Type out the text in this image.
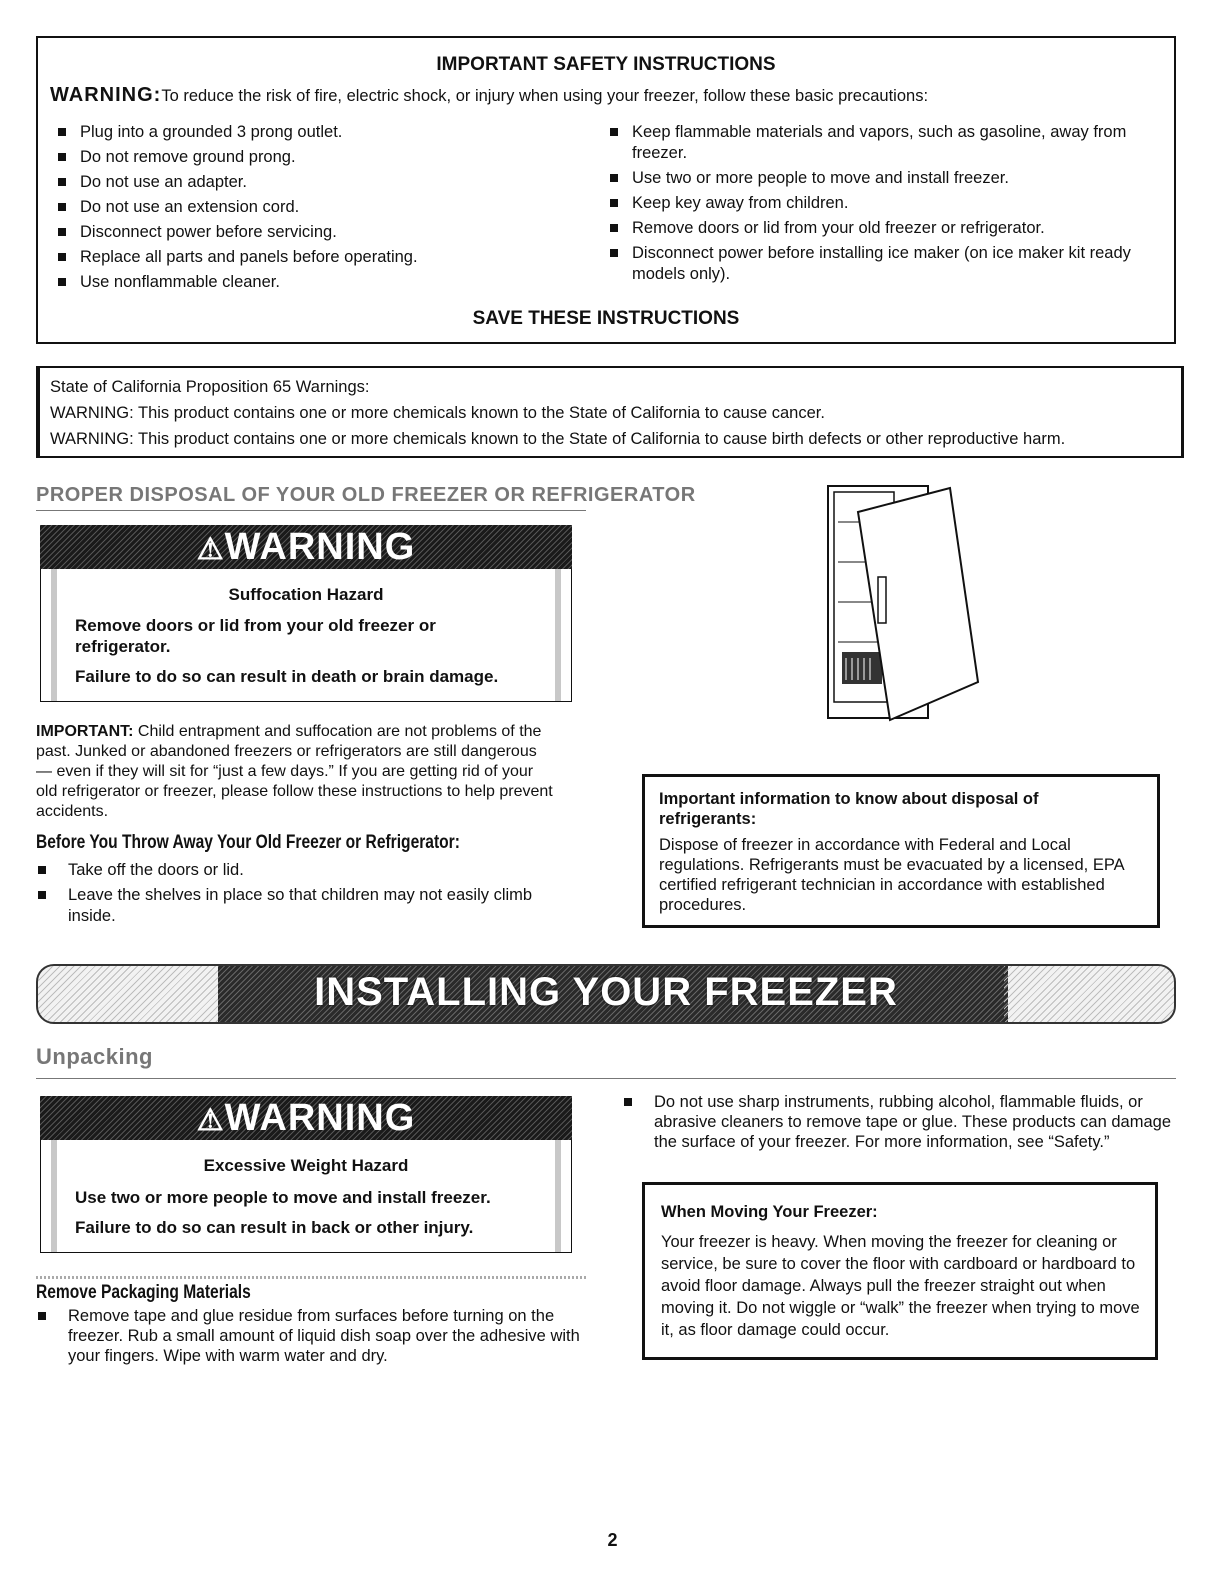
IMPORTANT SAFETY INSTRUCTIONS
WARNING:To reduce the risk of fire, electric shock, or injury when using your freezer, follow these basic precautions:
Plug into a grounded 3 prong outlet.
Do not remove ground prong.
Do not use an adapter.
Do not use an extension cord.
Disconnect power before servicing.
Replace all parts and panels before operating.
Use nonflammable cleaner.
Keep flammable materials and vapors, such as gasoline, away from freezer.
Use two or more people to move and install freezer.
Keep key away from children.
Remove doors or lid from your old freezer or refrigerator.
Disconnect power before installing ice maker (on ice maker kit ready models only).
SAVE THESE INSTRUCTIONS
State of California Proposition 65 Warnings:
WARNING: This product contains one or more chemicals known to the State of California to cause cancer.
WARNING: This product contains one or more chemicals known to the State of California to cause birth defects or other reproductive harm.
PROPER DISPOSAL OF YOUR OLD FREEZER OR REFRIGERATOR
⚠WARNING
Suffocation Hazard
Remove doors or lid from your old freezer or refrigerator.
Failure to do so can result in death or brain damage.
IMPORTANT: Child entrapment and suffocation are not problems of the past. Junked or abandoned freezers or refrigerators are still dangerous — even if they will sit for “just a few days.” If you are getting rid of your old refrigerator or freezer, please follow these instructions to help prevent accidents.
Before You Throw Away Your Old Freezer or Refrigerator:
Take off the doors or lid.
Leave the shelves in place so that children may not easily climb inside.
Important information to know about disposal of refrigerants:
Dispose of freezer in accordance with Federal and Local regulations. Refrigerants must be evacuated by a licensed, EPA certified refrigerant technician in accordance with established procedures.
INSTALLING YOUR FREEZER
Unpacking
⚠WARNING
Excessive Weight Hazard
Use two or more people to move and install freezer.
Failure to do so can result in back or other injury.
Remove Packaging Materials
Remove tape and glue residue from surfaces before turning on the freezer. Rub a small amount of liquid dish soap over the adhesive with your fingers. Wipe with warm water and dry.
Do not use sharp instruments, rubbing alcohol, flammable fluids, or abrasive cleaners to remove tape or glue. These products can damage the surface of your freezer. For more information, see “Safety.”
When Moving Your Freezer:
Your freezer is heavy. When moving the freezer for cleaning or service, be sure to cover the floor with cardboard or hardboard to avoid floor damage. Always pull the freezer straight out when moving it. Do not wiggle or “walk” the freezer when trying to move it, as floor damage could occur.
2
